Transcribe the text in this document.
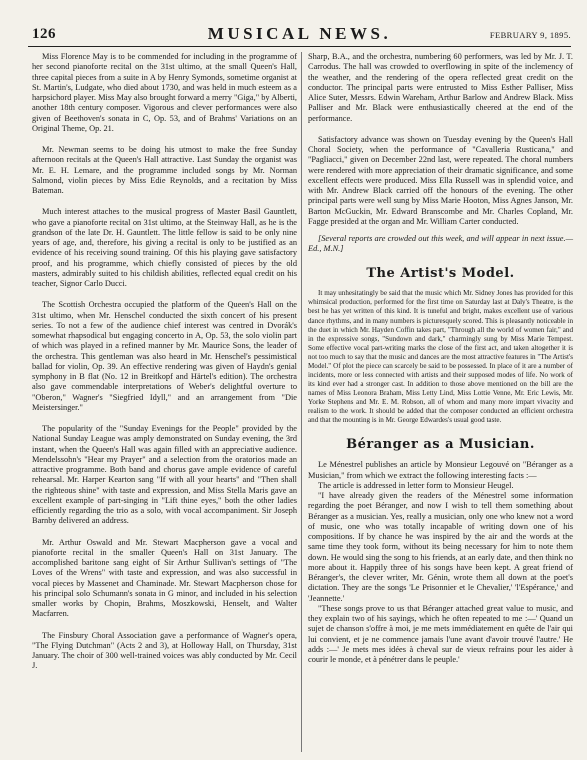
126	MUSICAL NEWS.	FEBRUARY 9, 1895.

Miss Florence May is to be commended for including in the programme of her second pianoforte recital on the 31st ultimo, at the small Queen's Hall, three capital pieces from a suite in A by Henry Symonds, sometime organist at St. Martin's, Ludgate, who died about 1730, and was held in much esteem as a harpsichord player. Miss May also brought forward a merry "Giga," by Alberti, another 18th century composer. Vigorous and clever performances were also given of Beethoven's sonata in C, Op. 53, and of Brahms' Variations on an Original Theme, Op. 21.

Mr. Newman seems to be doing his utmost to make the free Sunday afternoon recitals at the Queen's Hall attractive. Last Sunday the organist was Mr. E. H. Lemare, and the programme included songs by Mr. Norman Salmond, violin pieces by Miss Edie Reynolds, and a recitation by Miss Bateman.

Much interest attaches to the musical progress of Master Basil Gauntlett, who gave a pianoforte recital on 31st ultimo, at the Steinway Hall, as he is the grandson of the late Dr. H. Gauntlett. The little fellow is said to be only nine years of age, and, therefore, his giving a recital is only to be justified as an evidence of his receiving sound training. Of this his playing gave satisfactory proof, and his programme, which chiefly consisted of pieces by the old masters, admirably suited to his childish abilities, reflected equal credit on his teacher, Signor Carlo Ducci.

The Scottish Orchestra occupied the platform of the Queen's Hall on the 31st ultimo, when Mr. Henschel conducted the sixth concert of his present series. To not a few of the audience chief interest was centred in Dvorák's somewhat rhapsodical but engaging concerto in A, Op. 53, the solo violin part of which was played in a refined manner by Mr. Maurice Sons, the leader of the orchestra. This gentleman was also heard in Mr. Henschel's pessimistical ballad for violin, Op. 39. An effective rendering was given of Haydn's genial symphony in B flat (No. 12 in Breitkopf and Härtel's edition). The orchestra also gave commendable interpretations of Weber's delightful overture to "Oberon," Wagner's "Siegfried Idyll," and an arrangement from "Die Meistersinger."

The popularity of the "Sunday Evenings for the People" provided by the National Sunday League was amply demonstrated on Sunday evening, the 3rd instant, when the Queen's Hall was again filled with an appreciative audience. Mendelssohn's "Hear my Prayer" and a selection from the oratorios made an attractive programme. Both band and chorus gave ample evidence of careful rehearsal. Mr. Harper Kearton sang "If with all your hearts" and "Then shall the righteous shine" with taste and expression, and Miss Stella Maris gave an excellent example of part-singing in "Lift thine eyes," both the other ladies efficiently regarding the trio as a solo, with vocal accompaniment. Sir Joseph Barnby delivered an address.

Mr. Arthur Oswald and Mr. Stewart Macpherson gave a vocal and pianoforte recital in the smaller Queen's Hall on 31st January. The accomplished baritone sang eight of Sir Arthur Sullivan's settings of "The Loves of the Wrens" with taste and expression, and was also successful in vocal pieces by Massenet and Chaminade. Mr. Stewart Macpherson chose for his principal solo Schumann's sonata in G minor, and included in his selection smaller works by Chopin, Brahms, Moszkowski, Henselt, and Walter Macfarren.

The Finsbury Choral Association gave a performance of Wagner's opera, "The Flying Dutchman" (Acts 2 and 3), at Holloway Hall, on Thursday, 31st January. The choir of 300 well-trained voices was ably conducted by Mr. Cecil J.

Sharp, B.A., and the orchestra, numbering 60 performers, was led by Mr. J. T. Carrodus. The hall was crowded to overflowing in spite of the inclemency of the weather, and the rendering of the opera reflected great credit on the conductor. The principal parts were entrusted to Miss Esther Palliser, Miss Alice Suter, Messrs. Edwin Wareham, Arthur Barlow and Andrew Black. Miss Palliser and Mr. Black were enthusiastically cheered at the end of the performance.

Satisfactory advance was shown on Tuesday evening by the Queen's Hall Choral Society, when the performance of "Cavalleria Rusticana," and "Pagliacci," given on December 22nd last, were repeated. The choral numbers were rendered with more appreciation of their dramatic significance, and some excellent effects were produced. Miss Ella Russell was in splendid voice, and with Mr. Andrew Black carried off the honours of the evening. The other principal parts were well sung by Miss Marie Hooton, Miss Agnes Janson, Mr. Barton McGuckin, Mr. Edward Branscombe and Mr. Charles Copland, Mr. Fagge presided at the organ and Mr. William Carter conducted.

[Several reports are crowded out this week, and will appear in next issue.—Ed., M.N.]

The Artist's Model.

It may unhesitatingly be said that the music which Mr. Sidney Jones has provided for this whimsical production, performed for the first time on Saturday last at Daly's Theatre, is the best he has yet written of this kind. It is tuneful and bright, makes excellent use of various dance rhythms, and in many numbers is picturesquely scored. This is pleasantly noticeable in the duet in which Mr. Hayden Coffin takes part, "Through all the world of women fair," and in the expressive songs, "Sundown and dark," charmingly sung by Miss Marie Tempest. Some effective vocal part-writing marks the close of the first act, and taken altogether it is not too much to say that the music and dances are the most attractive features in "The Artist's Model." Of plot the piece can scarcely be said to be possessed. In place of it are a number of incidents, more or less connected with artists and their supposed modes of life. No work of its kind ever had a stronger cast. In addition to those above mentioned on the bill are the names of Miss Leonora Braham, Miss Letty Lind, Miss Lottie Venne, Mr. Eric Lewis, Mr. Yorke Stephens and Mr. E. M. Robson, all of whom and many more impart vivacity and realism to the work. It should be added that the composer conducted an efficient orchestra and that the mounting is in Mr. George Edwardes's usual good taste.

Béranger as a Musician.

Le Ménestrel publishes an article by Monsieur Legouvé on "Béranger as a Musician," from which we extract the following interesting facts :—

The article is addressed in letter form to Monsieur Heugel.

"I have already given the readers of the Ménestrel some information regarding the poet Béranger, and now I wish to tell them something about Béranger as a musician. Yes, really a musician, only one who knew not a word of music, one who was totally incapable of writing down one of his compositions. If by chance he was inspired by the air and the words at the same time they took form, without its being necessary for him to note them down. He would sing the song to his friends, at an early date, and then think no more about it. Happily three of his songs have been kept. A great friend of Béranger's, the clever writer, Mr. Génin, wrote them all down at the poet's dictation. They are the songs 'Le Prisonnier et le Chevalier,' 'l'Espérance,' and 'Jeannette.'

"These songs prove to us that Béranger attached great value to music, and they explain two of his sayings, which he often repeated to me :—' Quand un sujet de chanson s'offre à moi, je me mets immédiatement en quête de l'air qui lui convient, et je ne commence jamais l'une avant d'avoir trouvé l'autre.' He adds :—' Je mets mes idées à cheval sur de vieux refrains pour les aider à courir le monde, et à pénétrer dans le peuple.'
